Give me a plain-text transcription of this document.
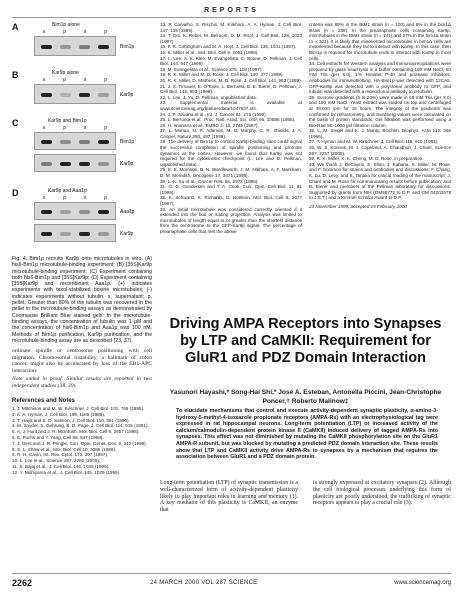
REPORTS
A	Bim1p alone
s	p	s	p
Bim1p
B	Kar9p alone
s	p	s	p
Kar9p
C	Kar9p and Bim1p
s	p	s	p
Bim1p
Kar9p
D	Kar9p and Aaa1p
s	p	s	p
Aaa1p
Kar9p
Fig. 4. Bim1p recruits Kar9p onto microtubules in vitro. (A) his6-Bim1p microtubule-binding experiment; (B) [35S]Kar9p microtubule-binding experiment; (C) Experiment containing both his6-Bim1p and [35S]Kar9p; (D) Experiment containing [35S]Kar9p and recombinant Aaa1p. (+) indicates experiments with taxol-stabilized bovine microtubules; (-) indicates experiments without tubulin. s, supernatant; p, pellet. Greater than 80% of the tubulin was recovered in the pellet in the microtubule-binding assays as demonstrated by Coomassie Brilliant Blue stained gels. In the microtubule-binding assays, the concentration of tubulin was 1 µM and the concentration of his6-Bim1p and Aaa1p was 100 nM. Methods of Bim1p purification, Kar9p purification, and the microtubule-binding assay are as described (23, 37).
ordinate spindle or centrosome positioning with cell migration. Chromosomal instability, a hallmark of colon cancer, might also be accelerated by loss of the EB1-APC interaction.
Note added in proof: Similar results are reported in two independent studies (38, 39).
References and Notes
1. J. Mitchison and M. W. Kirschner, J. Cell Biol. 101, 766 (1985).
2. A. A. Hyman, J. Cell Biol. 109, 1185 (1989).
3. T. Hays and E. D. Salmon, J. Cell Biol. 110, 391 (1990).
4. M. Snyder, S. Gehrung, B. D. Page, J. Cell Biol. 114, 515 (1991).
5. A. J. Hunt and J. R. McIntosh, Mol. Biol. Cell 9, 2857 (1998).
6. E. Fuchs and Y. Yang, Cell 98, 547 (1999).
7. J. Dent and J. R. Pringle, Curr. Opin. Genet. Dev. 9, 342 (1999).
8. S. L. Shaw et al., Mol. Biol. Cell 10, 3089 (1999).
9. R. H. Gavin, Int. Rev. Cytol. 173, 207 (1997).
10. L. Lee et al., Science 287, 2260 (2000).
11. S. Bajaj et al., J. Cell Biol. 144, 1049 (1999).
12. Y. Nishiyama et al., J. Cell Biol. 145, 1029 (1999).
13. P. Carvalho, S. Rischin, M. Kirkham, A. A. Hyman, J. Cell Biol. 147, 135 (1999).
14. T. Doi, K. Reber, M. Belmont, D. M. Roof, J. Cell Biol. 138, 1023 (1997).
15. F. R. Cottingham and M. A. Hoyt, J. Cell Biol. 138, 1041 (1997).
16. K. Miller et al., Mol. Biol. Cell 9, 2051 (1998).
17. L. Lee, S. K. Klee, M. Evangelista, C. Boone, D. Pellman, J. Cell Biol. 144, 947 (1999).
18. M. Evangelista et al., Science 276, 118 (1997).
19. R. K. Miller and M. D. Rose, J. Cell Biol. 140, 377 (1998).
20. R. K. Miller, D. Matheos, M. D. Rose, J. Cell Biol. 144, 963 (1999).
21. J. S. Tirnauer, E. O'Toole, L. Berrueta, B. E. Bierer, D. Pellman, J. Cell Biol. 145, 993 (1999).
22. L. Lee, J. Yu, D. Pellman, unpublished data.
23. Supplemental material is available at www.sciencemag.org/feature/data/1047837.shl.
24. J. P. Juwana et al., Int. J. Cancer 81, 275 (1999).
25. L. Berrueta et al., Proc. Natl. Acad. Sci. USA 95, 10596 (1998).
26. H. Imamura et al., EMBO J. 16, 2745 (1997).
27. L. Muhua, N. R. Adames, M. D. Murphy, C. R. Shields, J. A. Cooper, Nature 393, 487 (1998).
28. The delivery of Bim1p to cortical Kar9p-binding sites could signal the successful completion of spindle positioning and promote dynamics at the cortex. However, we found that Kar9p was not required for the cytokinesis checkpoint (L. Lee and D. Pellman, unpublished data).
29. E. E. Morrison, B. N. Wardleworth, J. M. Askham, A. F. Markham, D. M. Meredith, Oncogene 17, 3471 (1998).
30. L.-K. Su et al., Cancer Res. 55, 2972 (1995).
31. G. G. Gundersen and T. A. Cook, Curr. Opin. Cell Biol. 11, 81 (1999).
32. K. Schwartz, K. Richards, D. Botstein, Mol. Biol. Cell 8, 2677 (1997).
33. An initial microtubule was considered correctly oriented if it extended into the bud or mating projection. Analysis was limited to microtubules of length equal to or greater than the shortest distance from the centrosome to the GFP-Kar9p signal. The percentage of preanaphase cells that met the above
criteria was 89% in the BIM1 strain (n = 100) and 8% in the bim1Δ strain (n = 238). In the preanaphase cells containing Kar9p, microtubules in the BIM1 strain (n = 141) and 27% in the bim1Δ strain (n = 321). It is likely that misoriented microtubules in bim1Δ cells are misoriented because they fail to interact with Kar9p. In this case, then Bim1p is required for microtubule ends to interact with Kar9p in most cells.
34. Cell extracts for Western analysis and immunoprecipitations were prepared by glass bead lysis in a buffer containing 150 mM NaCl, 50 mM Tris (pH 8.0), 1% Nonidet P-40 and protease inhibitors. Antibodies for immunoblotting: HA-Bim1p was detected with 12CA5. GFP-Kar9p was detected with a polyclonal antibody to GFP, and tubulin was detected with a monoclonal antibody to α-tubulin.
35. Sucrose gradients (5 to 20%) were made in 50 mM Tris (pH 8.0) and 150 mM NaCl. Yeast extract was loaded on top and centrifuged at 38,000 rpm for 16 hours. The integrity of the gradients was confirmed by refractometry, and Svedberg values were calculated on the basis of protein standards. Gel filtration was performed using a Bio-Rad SE-1000 gel filtration column.
36. L. M. Siegel and K. J. Monty, Biochim. Biophys. Acta 112, 346 (1966).
37. T. Hyman and M. W. Kirschner, J. Cell Biol. 115, 915 (1991).
38. W. S. Korinek, M. J. Copeland, A. Chaudhuri, J. Chant, Science 287, 2257 (2000).
39. R. K. Miller, K. K. Cheng, M. D. Rose, in preparation.
40. We thank J. DeCaprio, E. Elion, J. Kahana, K. Miller, M. Rose, and F. Solomon for strains and antibodies and discussions; F. Chang, K. Lu, D. Levy, and K. Tanaka for critical reading of the manuscript; J. Chant and M. Rose for communicating results before publication; and B. Bierer and members of the Pellman laboratory for discussions. Supported by grants from NIH (GM55772 to D.P. and GM 04202578 to J.S.T.) and a Kimmel Scholar Award to D.P.
23 November 1999; accepted 15 February 2000
Driving AMPA Receptors into Synapses by LTP and CaMKII: Requirement for GluR1 and PDZ Domain Interaction
Yasunori Hayashi,* Song-Hai Shi,* José A. Esteban, Antonella Piccini, Jean-Christophe Poncer,† Roberto Malinow‡
To elucidate mechanisms that control and execute activity-dependent synaptic plasticity, α-amino-3-hydroxy-5-methyl-4-isoxazole propionate receptors (AMPA-Rs) with an electrophysiological tag were expressed in rat hippocampal neurons. Long-term potentiation (LTP) or increased activity of the calcium/calmodulin-dependent protein kinase II (CaMKII) induced delivery of tagged AMPA-Rs into synapses. This effect was not diminished by mutating the CaMKII phosphorylation site on the GluR1 AMPA-R subunit, but was blocked by mutating a predicted PDZ domain interaction site. These results show that LTP and CaMKII activity drive AMPA-Rs to synapses by a mechanism that requires the association between GluR1 and a PDZ domain protein.
Long-term potentiation (LTP) of synaptic transmission is a well-characterized form of activity-dependent plasticity likely to play important roles in learning and memory (1). A key mediator of this plasticity is CaMKII, an enzyme that
is strongly expressed at excitatory synapses (2). Although the cell biological processes underlying this form of plasticity are poorly understood, the trafficking of synaptic receptors appears to play a crucial role (3).
2262	24 MARCH 2000 VOL 287 SCIENCE	www.sciencemag.org
